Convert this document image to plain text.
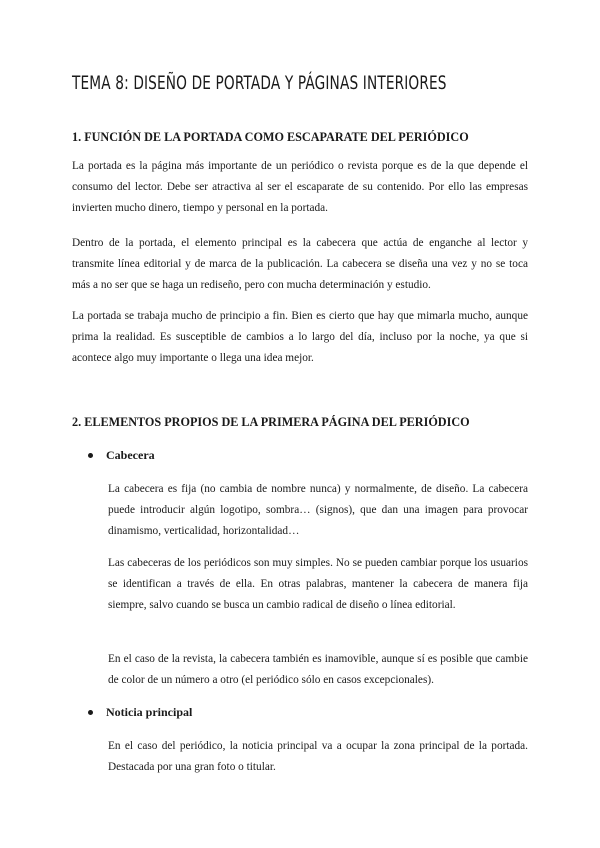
TEMA 8: DISEÑO DE PORTADA Y PÁGINAS INTERIORES
1. FUNCIÓN DE LA PORTADA COMO ESCAPARATE DEL PERIÓDICO

La portada es la página más importante de un periódico o revista porque es de la que depende el consumo del lector. Debe ser atractiva al ser el escaparate de su contenido. Por ello las empresas invierten mucho dinero, tiempo y personal en la portada.

Dentro de la portada, el elemento principal es la cabecera que actúa de enganche al lector y transmite línea editorial y de marca de la publicación. La cabecera se diseña una vez y no se toca más a no ser que se haga un rediseño, pero con mucha determinación y estudio.

La portada se trabaja mucho de principio a fin. Bien es cierto que hay que mimarla mucho, aunque prima la realidad. Es susceptible de cambios a lo largo del día, incluso por la noche, ya que si acontece algo muy importante o llega una idea mejor.

2. ELEMENTOS PROPIOS DE LA PRIMERA PÁGINA DEL PERIÓDICO
Cabecera

La cabecera es fija (no cambia de nombre nunca) y normalmente, de diseño. La cabecera puede introducir algún logotipo, sombra… (signos), que dan una imagen para provocar dinamismo, verticalidad, horizontalidad…

Las cabeceras de los periódicos son muy simples. No se pueden cambiar porque los usuarios se identifican a través de ella. En otras palabras, mantener la cabecera de manera fija siempre, salvo cuando se busca un cambio radical de diseño o línea editorial.

En el caso de la revista, la cabecera también es inamovible, aunque sí es posible que cambie de color de un número a otro (el periódico sólo en casos excepcionales).

Noticia principal

En el caso del periódico, la noticia principal va a ocupar la zona principal de la portada. Destacada por una gran foto o titular.
